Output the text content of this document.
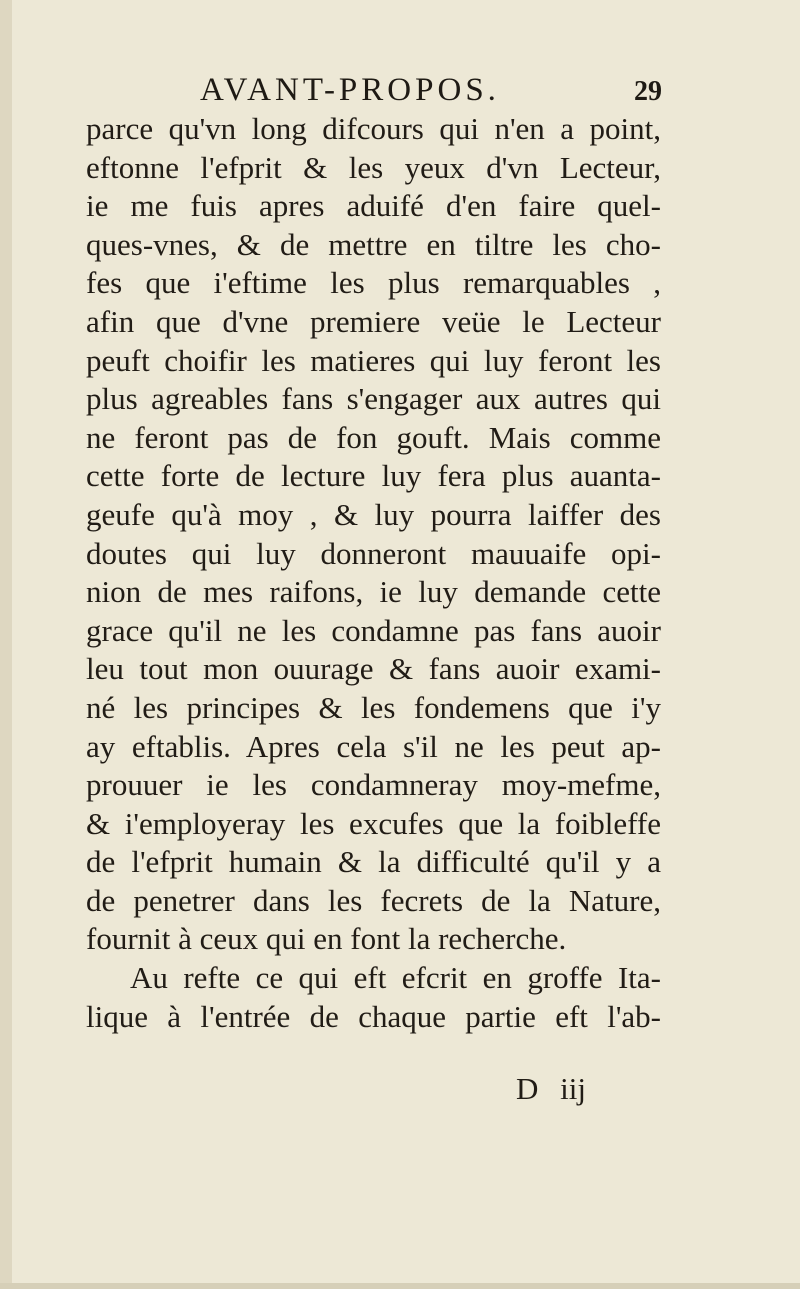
AVANT-PROPOS.	29
parce qu'vn long difcours qui n'en a point,
eftonne l'efprit & les yeux d'vn Lecteur,
ie me fuis apres aduifé d'en faire quel-
ques-vnes, & de mettre en tiltre les cho-
fes que i'eftime les plus remarquables ,
afin que d'vne premiere veüe le Lecteur
peuft choifir les matieres qui luy feront les
plus agreables fans s'engager aux autres qui
ne feront pas de fon gouft. Mais comme
cette forte de lecture luy fera plus auanta-
geufe qu'à moy , & luy pourra laiffer des
doutes qui luy donneront mauuaife opi-
nion de mes raifons, ie luy demande cette
grace qu'il ne les condamne pas fans auoir
leu tout mon ouurage & fans auoir exami-
né les principes & les fondemens que i'y
ay eftablis. Apres cela s'il ne les peut ap-
prouuer ie les condamneray moy-mefme,
& i'employeray les excufes que la foibleffe
de l'efprit humain & la difficulté qu'il y a
de penetrer dans les fecrets de la Nature,
fournit à ceux qui en font la recherche.
Au refte ce qui eft efcrit en groffe Ita-
lique à l'entrée de chaque partie eft l'ab-
D iij
